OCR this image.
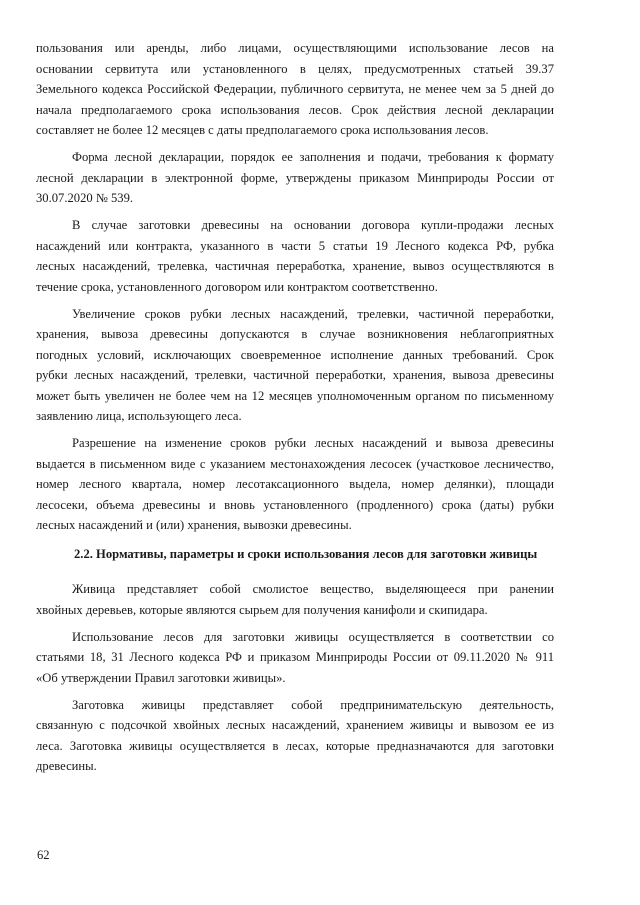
пользования или аренды, либо лицами, осуществляющими использование лесов на
основании сервитута или установленного в целях, предусмотренных статьей 39.37
Земельного кодекса Российской Федерации, публичного сервитута, не менее чем за 5 дней до
начала предполагаемого срока использования лесов. Срок действия лесной декларации
составляет не более 12 месяцев с даты предполагаемого срока использования лесов.
Форма лесной декларации, порядок ее заполнения и подачи, требования к формату
лесной декларации в электронной форме, утверждены приказом Минприроды России от
30.07.2020 № 539.
В случае заготовки древесины на основании договора купли-продажи лесных
насаждений или контракта, указанного в части 5 статьи 19 Лесного кодекса РФ, рубка
лесных насаждений, трелевка, частичная переработка, хранение, вывоз осуществляются в
течение срока, установленного договором или контрактом соответственно.
Увеличение сроков рубки лесных насаждений, трелевки, частичной переработки,
хранения, вывоза древесины допускаются в случае возникновения неблагоприятных
погодных условий, исключающих своевременное исполнение данных требований. Срок
рубки лесных насаждений, трелевки, частичной переработки, хранения, вывоза древесины
может быть увеличен не более чем на 12 месяцев уполномоченным органом по письменному
заявлению лица, использующего леса.
Разрешение на изменение сроков рубки лесных насаждений и вывоза древесины
выдается в письменном виде с указанием местонахождения лесосек (участковое лесничество,
номер лесного квартала, номер лесотаксационного выдела, номер делянки), площади
лесосеки, объема древесины и вновь установленного (продленного) срока (даты) рубки
лесных насаждений и (или) хранения, вывозки древесины.
2.2. Нормативы, параметры и сроки использования лесов для заготовки живицы
Живица представляет собой смолистое вещество, выделяющееся при ранении
хвойных деревьев, которые являются сырьем для получения канифоли и скипидара.
Использование лесов для заготовки живицы осуществляется в соответствии со
статьями 18, 31 Лесного кодекса РФ и приказом Минприроды России от 09.11.2020 № 911
«Об утверждении Правил заготовки живицы».
Заготовка живицы представляет собой предпринимательскую деятельность,
связанную с подсочкой хвойных лесных насаждений, хранением живицы и вывозом ее из
леса. Заготовка живицы осуществляется в лесах, которые предназначаются для заготовки
древесины.
62
